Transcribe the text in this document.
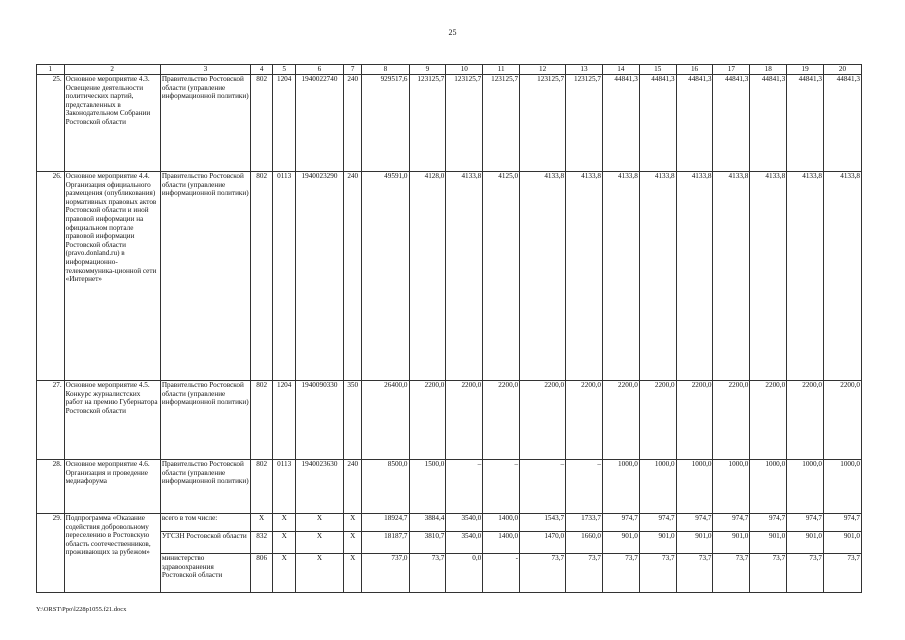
25
1	2	3	4	5	6	7	8	9	10	11	12	13	14	15	16	17	18	19	20
25.	Основное мероприятие 4.3. Освещение деятельности политических партий, представленных в Законодательном Собрании Ростовской области	Правительство Ростовской области (управление информационной политики)	802	1204	1940022740	240	929517,6	123125,7	123125,7	123125,7	123125,7	123125,7	44841,3	44841,3	44841,3	44841,3	44841,3	44841,3	44841,3
26.	Основное мероприятие 4.4. Организация официального размещения (опубликования) нормативных правовых актов Ростовской области и иной правовой информации на официальном портале правовой информации Ростовской области (pravo.donland.ru) в информационно-телекоммуника-ционной сети «Интернет»	Правительство Ростовской области (управление информационной политики)	802	0113	1940023290	240	49591,0	4128,0	4133,8	4125,0	4133,8	4133,8	4133,8	4133,8	4133,8	4133,8	4133,8	4133,8	4133,8
27.	Основное мероприятие 4.5. Конкурс журналистских работ на премию Губернатора Ростовской области	Правительство Ростовской области (управление информационной политики)	802	1204	1940090330	350	26400,0	2200,0	2200,0	2200,0	2200,0	2200,0	2200,0	2200,0	2200,0	2200,0	2200,0	2200,0	2200,0
28.	Основное мероприятие 4.6. Организация и проведение медиафорума	Правительство Ростовской области (управление информационной политики)	802	0113	1940023630	240	8500,0	1500,0	–	–	–	–	1000,0	1000,0	1000,0	1000,0	1000,0	1000,0	1000,0
29.	Подпрограмма «Оказание содействия добровольному переселению в Ростовскую область соотечественников, проживающих за рубежом»	всего в том числе:	X	X	X	X	18924,7	3884,4	3540,0	1400,0	1543,7	1733,7	974,7	974,7	974,7	974,7	974,7	974,7	974,7
		УГСЗН Ростовской области	832	X	X	X	18187,7	3810,7	3540,0	1400,0	1470,0	1660,0	901,0	901,0	901,0	901,0	901,0	901,0	901,0
		министерство здравоохранения Ростовской области	806	X	X	X	737,0	73,7	0,0	-	73,7	73,7	73,7	73,7	73,7	73,7	73,7	73,7	73,7
Y:\ORST\Ppo\l228p1055.f21.docx
